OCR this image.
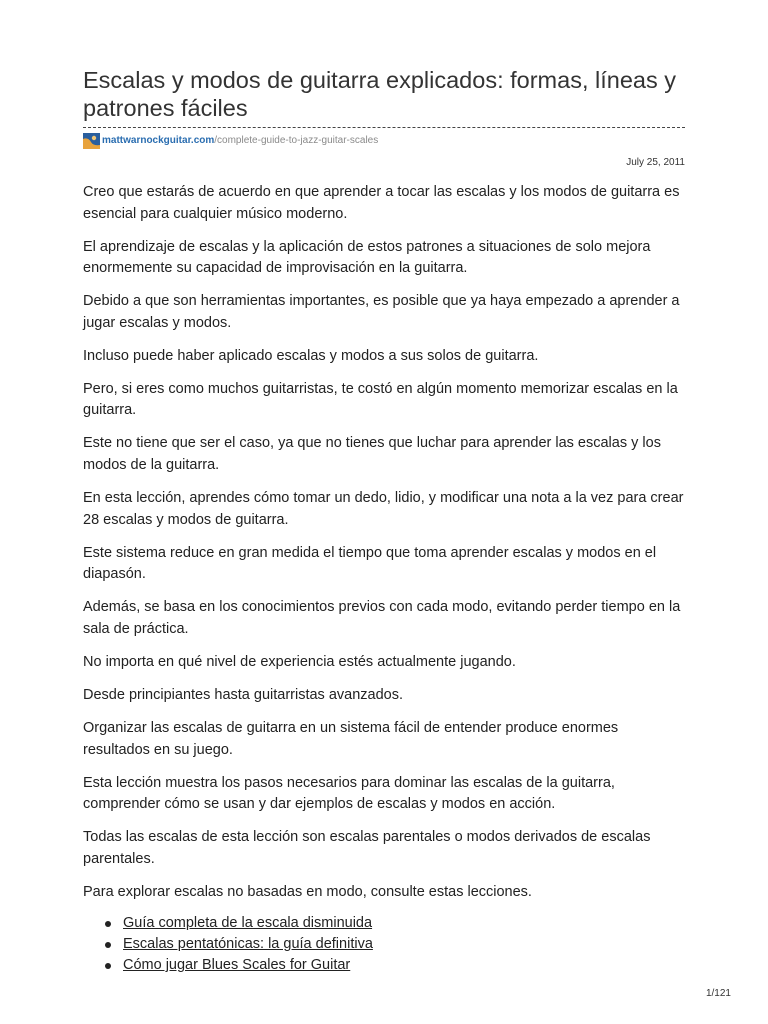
Escalas y modos de guitarra explicados: formas, líneas y patrones fáciles
mattwarnockguitar.com /complete-guide-to-jazz-guitar-scales
July 25, 2011

Creo que estarás de acuerdo en que aprender a tocar las escalas y los modos de guitarra es esencial para cualquier músico moderno.

El aprendizaje de escalas y la aplicación de estos patrones a situaciones de solo mejora enormemente su capacidad de improvisación en la guitarra.

Debido a que son herramientas importantes, es posible que ya haya empezado a aprender a jugar escalas y modos.

Incluso puede haber aplicado escalas y modos a sus solos de guitarra.

Pero, si eres como muchos guitarristas, te costó en algún momento memorizar escalas en la guitarra.

Este no tiene que ser el caso, ya que no tienes que luchar para aprender las escalas y los modos de la guitarra.

En esta lección, aprendes cómo tomar un dedo, lidio, y modificar una nota a la vez para crear 28 escalas y modos de guitarra.

Este sistema reduce en gran medida el tiempo que toma aprender escalas y modos en el diapasón.

Además, se basa en los conocimientos previos con cada modo, evitando perder tiempo en la sala de práctica.

No importa en qué nivel de experiencia estés actualmente jugando.

Desde principiantes hasta guitarristas avanzados.

Organizar las escalas de guitarra en un sistema fácil de entender produce enormes resultados en su juego.

Esta lección muestra los pasos necesarios para dominar las escalas de la guitarra, comprender cómo se usan y dar ejemplos de escalas y modos en acción.

Todas las escalas de esta lección son escalas parentales o modos derivados de escalas parentales.

Para explorar escalas no basadas en modo, consulte estas lecciones.

Guía completa de la escala disminuida
Escalas pentatónicas: la guía definitiva
Cómo jugar Blues Scales for Guitar
1/121
